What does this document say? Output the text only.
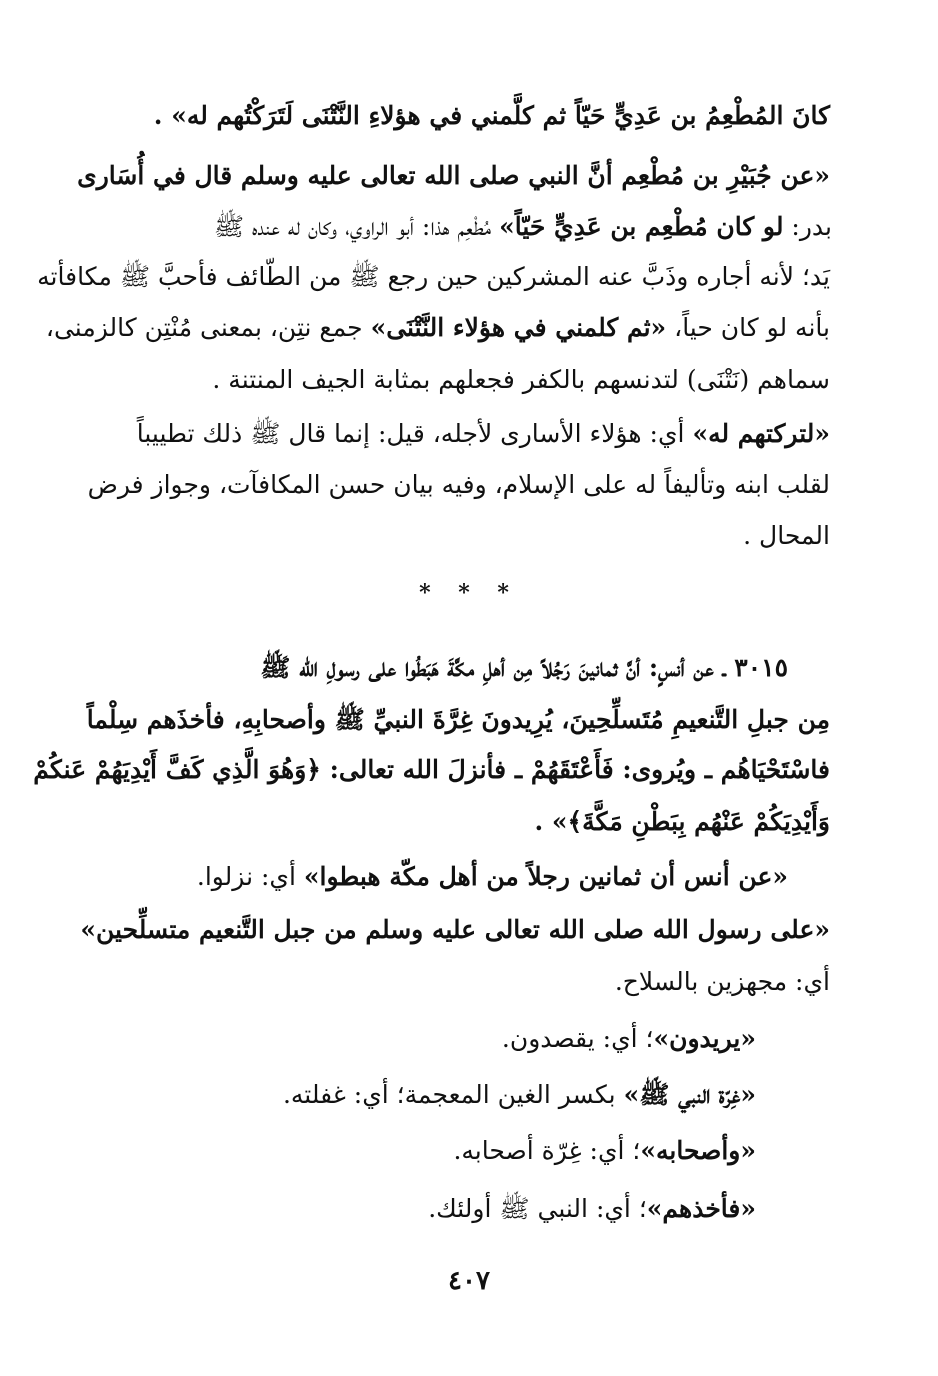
كانَ المُطْعِمُ بن عَدِيٍّ حَيّاً ثم كلَّمني في هؤلاءِ النَّتْنَى لَتَرَكْتُهم له» .
«عن جُبَيْرِ بن مُطْعِم أنَّ النبي صلى الله تعالى عليه وسلم قال في أُسَارى
بدر: لو كان مُطْعِم بن عَدِيٍّ حَيّاً» مُطْعِم هذا: أبو الراوي، وكان له عنده ﷺ
يَد؛ لأنه أجاره وذَبَّ عنه المشركين حين رجع ﷺ من الطّائف فأحبَّ ﷺ مكافأته
بأنه لو كان حياً، «ثم كلمني في هؤلاء النَّتْنَى» جمع نتِن، بمعنى مُنْتِن كالزمنى،
سماهم (نَتْنَى) لتدنسهم بالكفر فجعلهم بمثابة الجيف المنتنة .
«لتركتهم له» أي: هؤلاء الأسارى لأجله، قيل: إنما قال ﷺ ذلك تطييباً
لقلب ابنه وتأليفاً له على الإسلام، وفيه بيان حسن المكافآت، وجواز فرض
المحال .
* * *
٣٠١٥ ـ عن أنسٍ: أنَّ ثمانينَ رَجُلاً مِن أهلِ مكَّةَ هَبَطُوا على رسولِ الله ﷺ
مِن جبلِ التَّنعيمِ مُتَسلِّحِينَ، يُرِيدونَ غِرَّةَ النبيِّ ﷺ وأصحابِهِ، فأخذَهم سِلْماً
فاسْتَحْيَاهُم ـ ويُروى: فَأَعْتَقَهُمْ ـ فأنزلَ الله تعالى: ﴿وَهُوَ الَّذِي كَفَّ أَيْدِيَهُمْ عَنكُمْ
وَأَيْدِيَكُمْ عَنْهُم بِبَطْنِ مَكَّةَ﴾» .
«عن أنس أن ثمانين رجلاً من أهل مكّة هبطوا» أي: نزلوا.
«على رسول الله صلى الله تعالى عليه وسلم من جبل التَّنعيم متسلِّحين»
أي: مجهزين بالسلاح.
«يريدون»؛ أي: يقصدون.
«غِرّة النبي ﷺ» بكسر الغين المعجمة؛ أي: غفلته.
«وأصحابه»؛ أي: غِرّة أصحابه.
«فأخذهم»؛ أي: النبي ﷺ أولئك.
٤٠٧
